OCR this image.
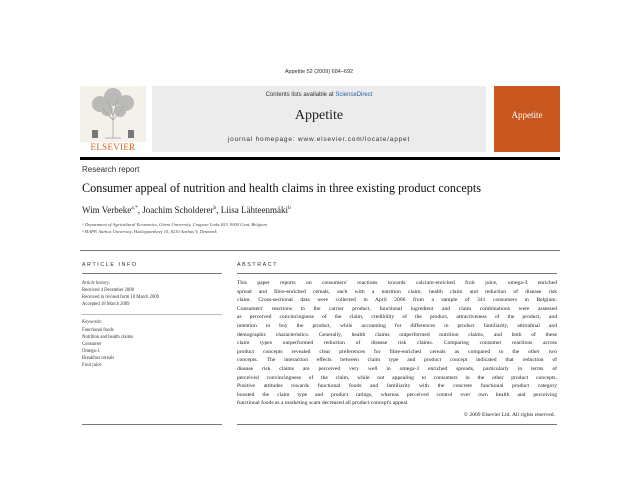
Appetite 52 (2009) 684–692
ELSEVIER
Contents lists available at ScienceDirect
Appetite
journal homepage: www.elsevier.com/locate/appet
Appetite
Research report
Consumer appeal of nutrition and health claims in three existing product concepts
Wim Verbeke$^{a,*}$, Joachim Scholderer$^b$, Liisa Lähteenmäki$^b$
ᵃ Department of Agricultural Economics, Ghent University, Coupure Links 653, 9000 Gent, Belgium
ᵇ MAPP, Aarhus University, Haslegaardsvej 10, 8210 Aarhus V, Denmark
ARTICLE INFO	ABSTRACT
Article history:
Received 4 December 2008
Received in revised form 10 March 2009
Accepted 18 March 2009
Keywords:
Functional foods
Nutrition and health claims
Consumer
Omega-3
Breakfast cereals
Fruit juice
This paper reports on consumers' reactions towards calcium-enriched fruit juice, omega-3 enriched
spread and fibre-enriched cereals, each with a nutrition claim, health claim and reduction of disease risk
claim. Cross-sectional data were collected in April 2006 from a sample of 341 consumers in Belgium.
Consumers' reactions to the carrier product, functional ingredient and claim combinations were assessed
as perceived convincingness of the claim, credibility of the product, attractiveness of the product, and
intention to buy the product, while accounting for differences in product familiarity, attitudinal and
demographic characteristics. Generally, health claims outperformed nutrition claims, and both of these
claim types outperformed reduction of disease risk claims. Comparing consumer reactions across
product concepts revealed clear preferences for fibre-enriched cereals as compared to the other two
concepts. The interaction effects between claim type and product concept indicated that reduction of
disease risk claims are perceived very well in omega-3 enriched spreads, particularly in terms of
perceived convincingness of the claim, while not appealing to consumers in the other product concepts.
Positive attitudes towards functional foods and familiarity with the concrete functional product category
boosted the claim type and product ratings, whereas perceived control over own health and perceiving
functional foods as a marketing scam decreased all product concept's appeal.
© 2009 Elsevier Ltd. All rights reserved.
